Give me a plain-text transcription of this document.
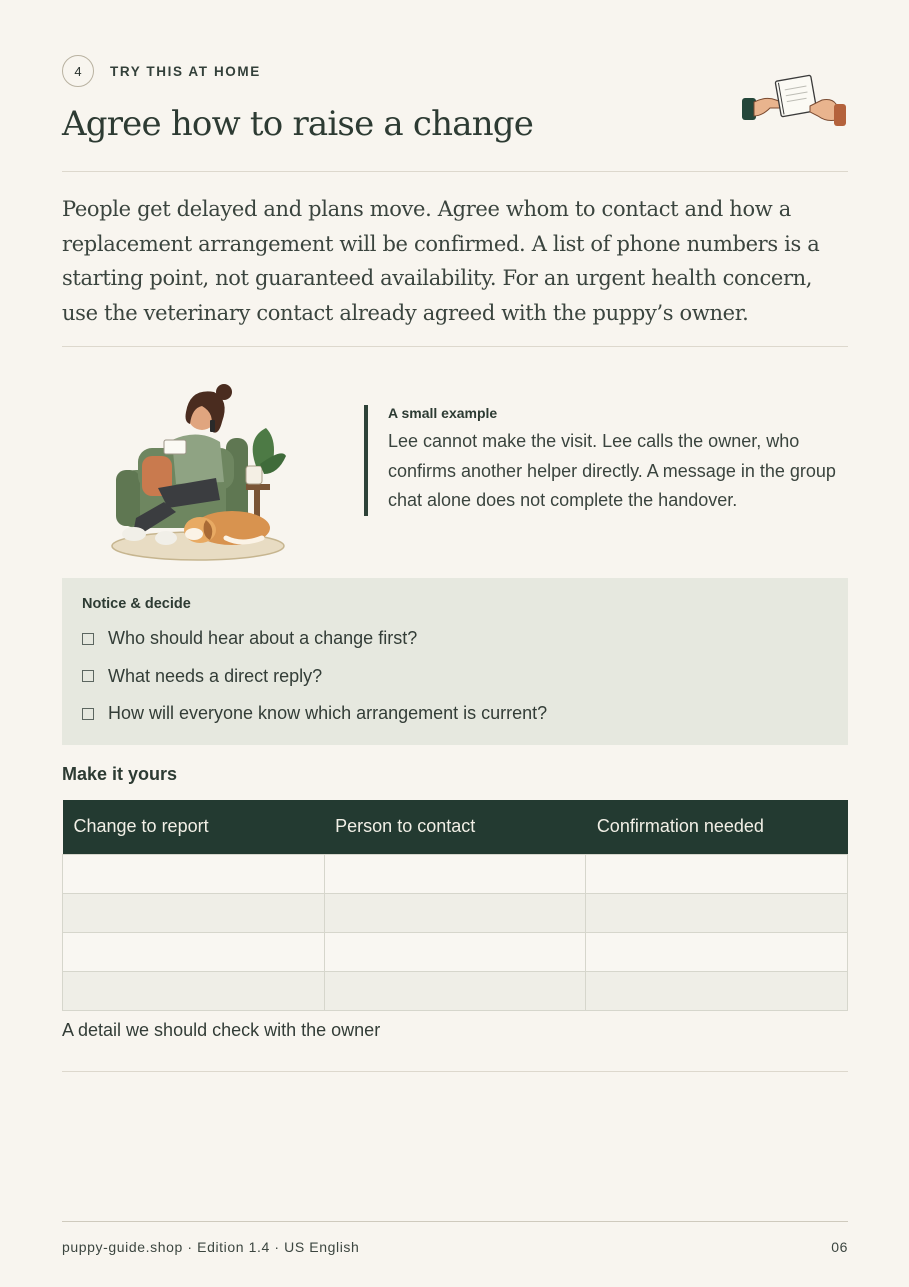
4	TRY THIS AT HOME
Agree how to raise a change

People get delayed and plans move. Agree whom to contact and how a replacement arrangement will be confirmed. A list of phone numbers is a starting point, not guaranteed availability. For an urgent health concern, use the veterinary contact already agreed with the puppy’s owner.

A small example

Lee cannot make the visit. Lee calls the owner, who confirms another helper directly. A message in the group chat alone does not complete the handover.

Notice & decide
Who should hear about a change first?
What needs a direct reply?
How will everyone know which arrangement is current?
Make it yours
Change to report	Person to contact	Confirmation needed

A detail we should check with the owner
puppy-guide.shop · Edition 1.4 · US English	06
